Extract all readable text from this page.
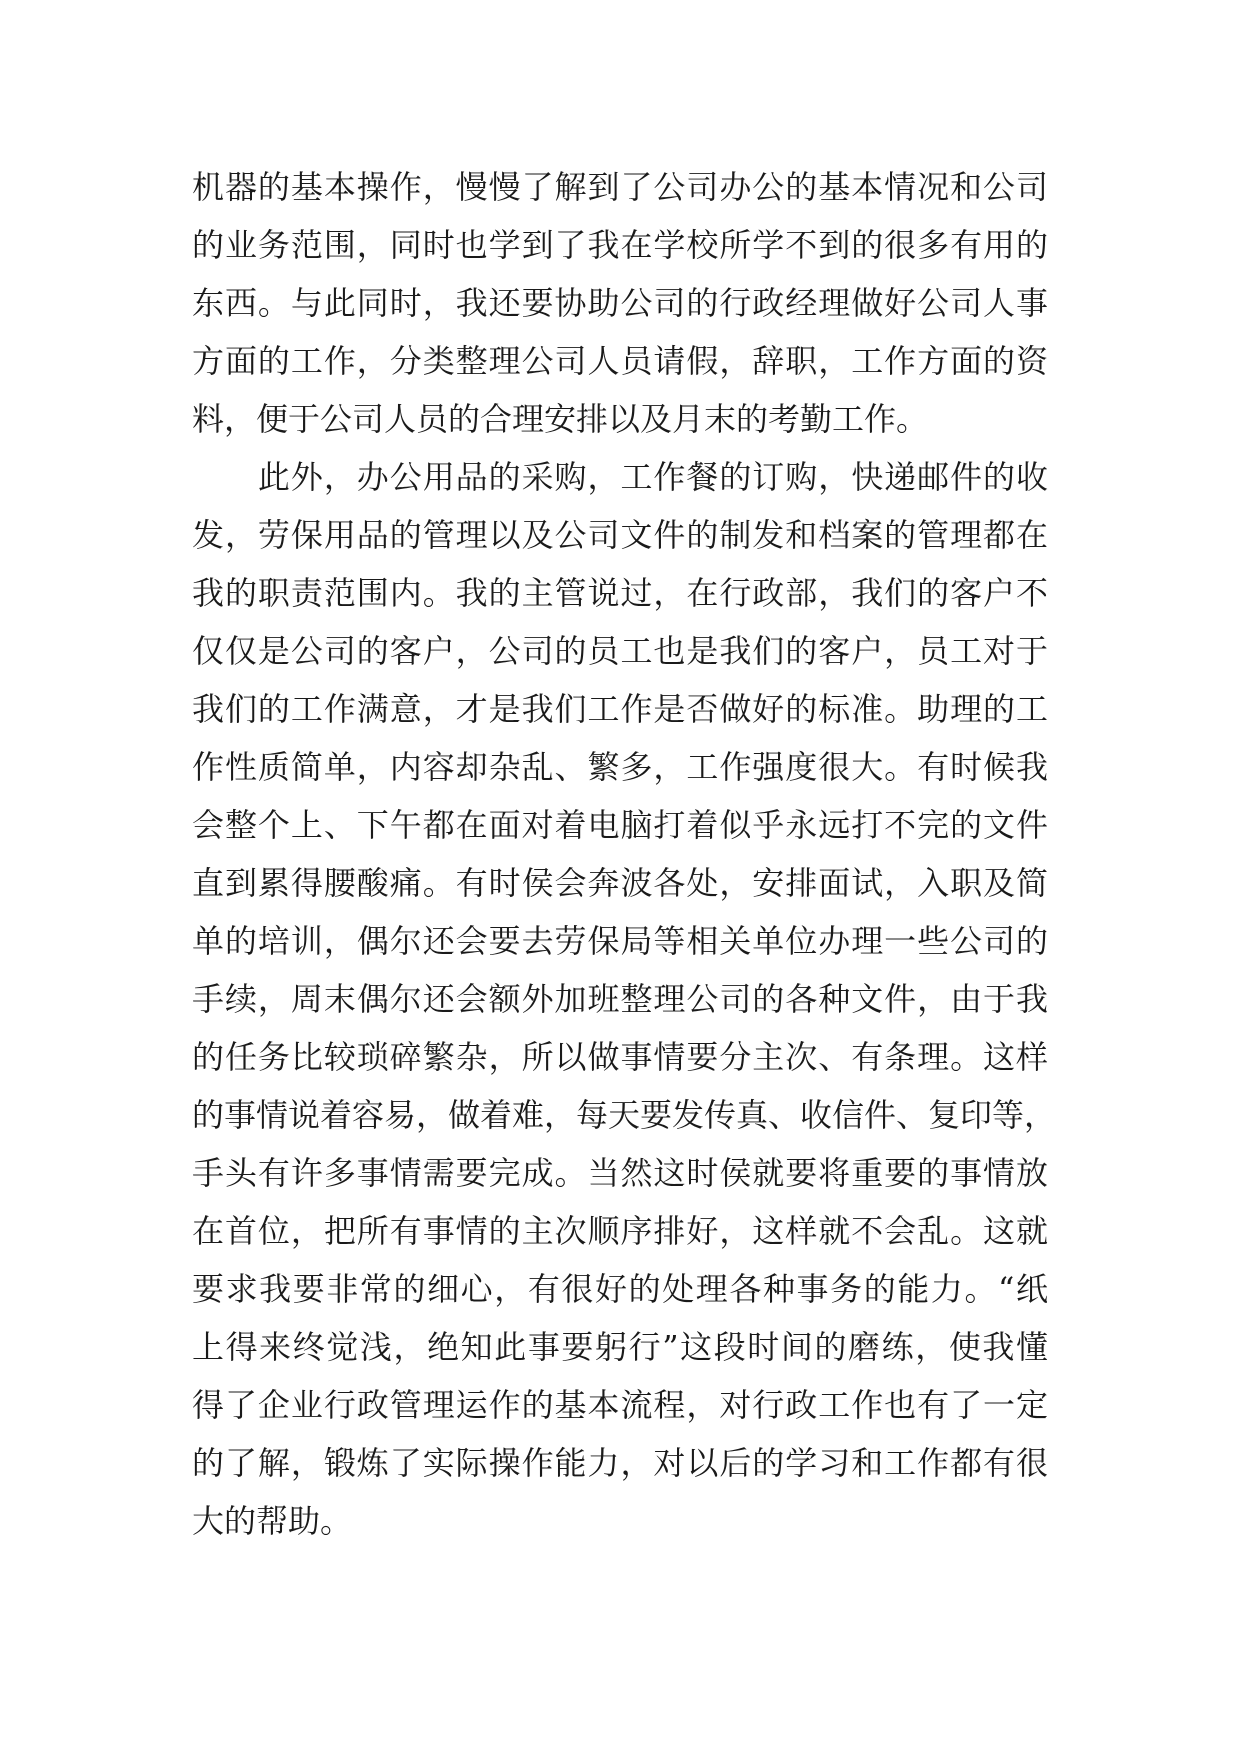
机器的基本操作，慢慢了解到了公司办公的基本情况和公司
的业务范围，同时也学到了我在学校所学不到的很多有用的
东西。与此同时，我还要协助公司的行政经理做好公司人事
方面的工作，分类整理公司人员请假，辞职，工作方面的资
料，便于公司人员的合理安排以及月末的考勤工作。
　　此外，办公用品的采购，工作餐的订购，快递邮件的收
发，劳保用品的管理以及公司文件的制发和档案的管理都在
我的职责范围内。我的主管说过，在行政部，我们的客户不
仅仅是公司的客户，公司的员工也是我们的客户，员工对于
我们的工作满意，才是我们工作是否做好的标准。助理的工
作性质简单，内容却杂乱、繁多，工作强度很大。有时候我
会整个上、下午都在面对着电脑打着似乎永远打不完的文件
直到累得腰酸痛。有时侯会奔波各处，安排面试，入职及简
单的培训，偶尔还会要去劳保局等相关单位办理一些公司的
手续，周末偶尔还会额外加班整理公司的各种文件，由于我
的任务比较琐碎繁杂，所以做事情要分主次、有条理。这样
的事情说着容易，做着难，每天要发传真、收信件、复印等，
手头有许多事情需要完成。当然这时侯就要将重要的事情放
在首位，把所有事情的主次顺序排好，这样就不会乱。这就
要求我要非常的细心，有很好的处理各种事务的能力。“纸
上得来终觉浅，绝知此事要躬行”这段时间的磨练，使我懂
得了企业行政管理运作的基本流程，对行政工作也有了一定
的了解，锻炼了实际操作能力，对以后的学习和工作都有很
大的帮助。
